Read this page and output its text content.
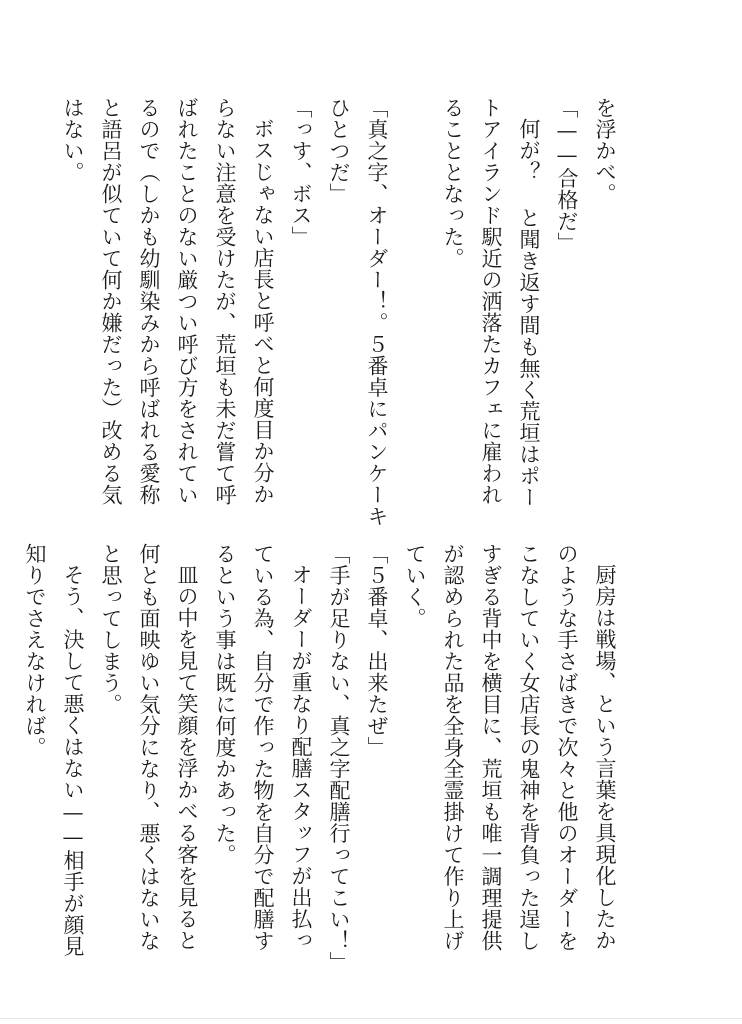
を浮かべ。
「——合格だ」
何が？ と聞き返す間も無く荒垣はポー
トアイランド駅近の洒落たカフェに雇われ
ることとなった。

「真之字、オーダー！。５番卓にパンケーキ
ひとつだ」
「っす、ボス」
ボスじゃない店長と呼べと何度目か分か
らない注意を受けたが、荒垣も未だ嘗て呼
ばれたことのない厳つい呼び方をされてい
るので（しかも幼馴染みから呼ばれる愛称
と語呂が似ていて何か嫌だった）改める気
はない。
厨房は戦場、という言葉を具現化したか
のような手さばきで次々と他のオーダーを
こなしていく女店長の鬼神を背負った逞し
すぎる背中を横目に、荒垣も唯一調理提供
が認められた品を全身全霊掛けて作り上げ
ていく。
「５番卓、出来たぜ」
「手が足りない、真之字配膳行ってこい！」
オーダーが重なり配膳スタッフが出払っ
ている為、自分で作った物を自分で配膳す
るという事は既に何度かあった。
皿の中を見て笑顔を浮かべる客を見ると
何とも面映ゆい気分になり、悪くはないな
と思ってしまう。
そう、決して悪くはない——相手が顔見
知りでさえなければ。
